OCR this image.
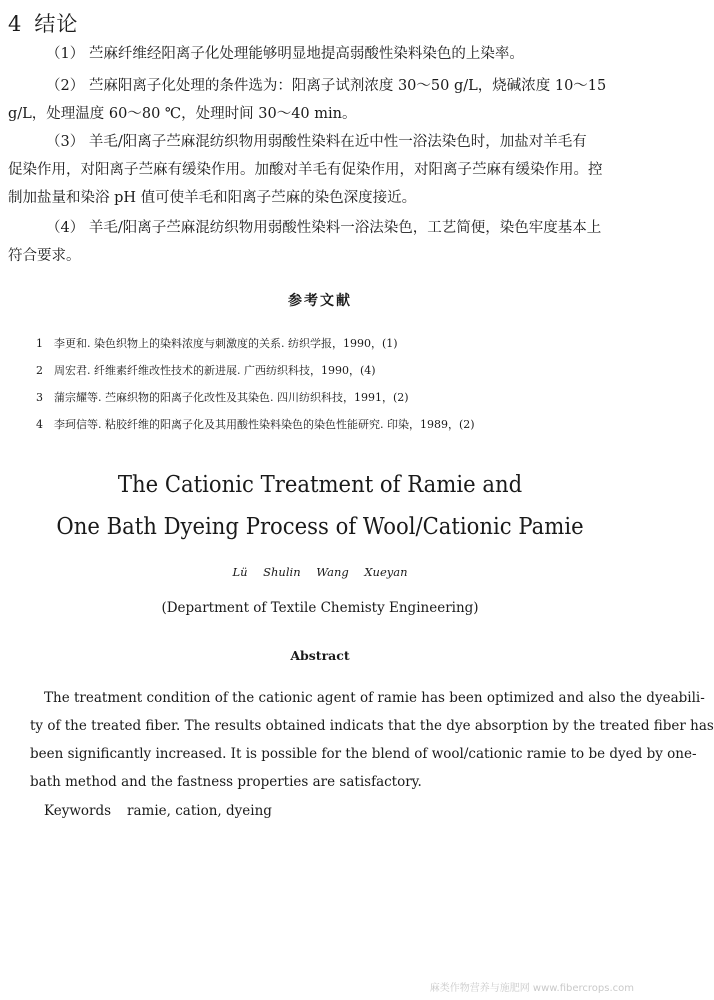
4 结论

（1） 苎麻纤维经阳离子化处理能够明显地提高弱酸性染料染色的上染率。

（2） 苎麻阳离子化处理的条件选为：阳离子试剂浓度 30～50 g/L，烧碱浓度 10～15

g/L，处理温度 60～80 ℃，处理时间 30～40 min。

（3） 羊毛/阳离子苎麻混纺织物用弱酸性染料在近中性一浴法染色时，加盐对羊毛有

促染作用，对阳离子苎麻有缓染作用。加酸对羊毛有促染作用，对阳离子苎麻有缓染作用。控

制加盐量和染浴 pH 值可使羊毛和阳离子苎麻的染色深度接近。

（4） 羊毛/阳离子苎麻混纺织物用弱酸性染料一浴法染色，工艺简便，染色牢度基本上

符合要求。

参考文献
1 李更和. 染色织物上的染料浓度与刺激度的关系. 纺织学报，1990，(1)
2 周宏君. 纤维素纤维改性技术的新进展. 广西纺织科技，1990，(4)
3 蒲宗耀等. 苎麻织物的阳离子化改性及其染色. 四川纺织科技，1991，(2)
4 李珂信等. 粘胶纤维的阳离子化及其用酸性染料染色的染色性能研究. 印染，1989，(2)
The Cationic Treatment of Ramie and
One Bath Dyeing Process of Wool/Cationic Pamie
Lü Shulin Wang Xueyan
(Department of Textile Chemisty Engineering)
Abstract
The treatment condition of the cationic agent of ramie has been optimized and also the dyeabili-
ty of the treated fiber. The results obtained indicats that the dye absorption by the treated fiber has
been significantly increased. It is possible for the blend of wool/cationic ramie to be dyed by one-
bath method and the fastness properties are satisfactory.
Keywords ramie, cation, dyeing
麻类作物营养与施肥网 www.fibercrops.com
